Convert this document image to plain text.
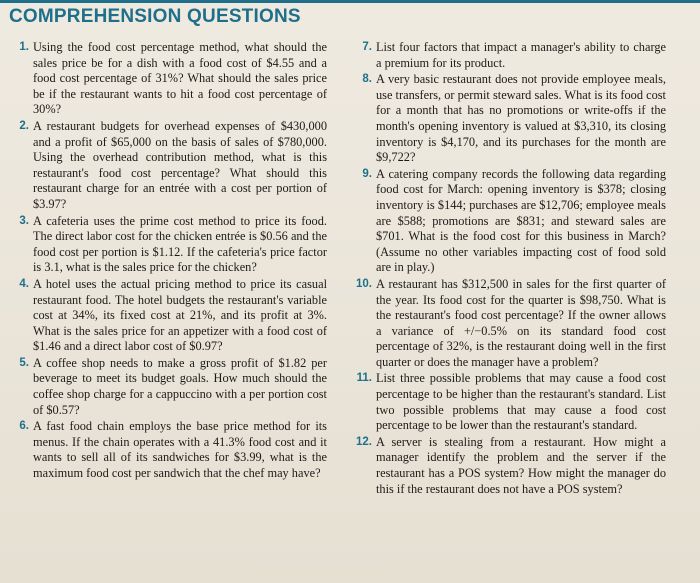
COMPREHENSION QUESTIONS
1. Using the food cost percentage method, what should the sales price be for a dish with a food cost of $4.55 and a food cost percentage of 31%? What should the sales price be if the restaurant wants to hit a food cost percentage of 30%?
2. A restaurant budgets for overhead expenses of $430,000 and a profit of $65,000 on the basis of sales of $780,000. Using the overhead contribution method, what is this restaurant's food cost percentage? What should this restaurant charge for an entrée with a cost per portion of $3.97?
3. A cafeteria uses the prime cost method to price its food. The direct labor cost for the chicken entrée is $0.56 and the food cost per portion is $1.12. If the cafeteria's price factor is 3.1, what is the sales price for the chicken?
4. A hotel uses the actual pricing method to price its casual restaurant food. The hotel budgets the restaurant's variable cost at 34%, its fixed cost at 21%, and its profit at 3%. What is the sales price for an appetizer with a food cost of $1.46 and a direct labor cost of $0.97?
5. A coffee shop needs to make a gross profit of $1.82 per beverage to meet its budget goals. How much should the coffee shop charge for a cappuccino with a per portion cost of $0.57?
6. A fast food chain employs the base price method for its menus. If the chain operates with a 41.3% food cost and it wants to sell all of its sandwiches for $3.99, what is the maximum food cost per sandwich that the chef may have?
7. List four factors that impact a manager's ability to charge a premium for its product.
8. A very basic restaurant does not provide employee meals, use transfers, or permit steward sales. What is its food cost for a month that has no promotions or write-offs if the month's opening inventory is valued at $3,310, its closing inventory is $4,170, and its purchases for the month are $9,722?
9. A catering company records the following data regarding food cost for March: opening inventory is $378; closing inventory is $144; purchases are $12,706; employee meals are $588; promotions are $831; and steward sales are $701. What is the food cost for this business in March? (Assume no other variables impacting cost of food sold are in play.)
10. A restaurant has $312,500 in sales for the first quarter of the year. Its food cost for the quarter is $98,750. What is the restaurant's food cost percentage? If the owner allows a variance of +/−0.5% on its standard food cost percentage of 32%, is the restaurant doing well in the first quarter or does the manager have a problem?
11. List three possible problems that may cause a food cost percentage to be higher than the restaurant's standard. List two possible problems that may cause a food cost percentage to be lower than the restaurant's standard.
12. A server is stealing from a restaurant. How might a manager identify the problem and the server if the restaurant has a POS system? How might the manager do this if the restaurant does not have a POS system?
